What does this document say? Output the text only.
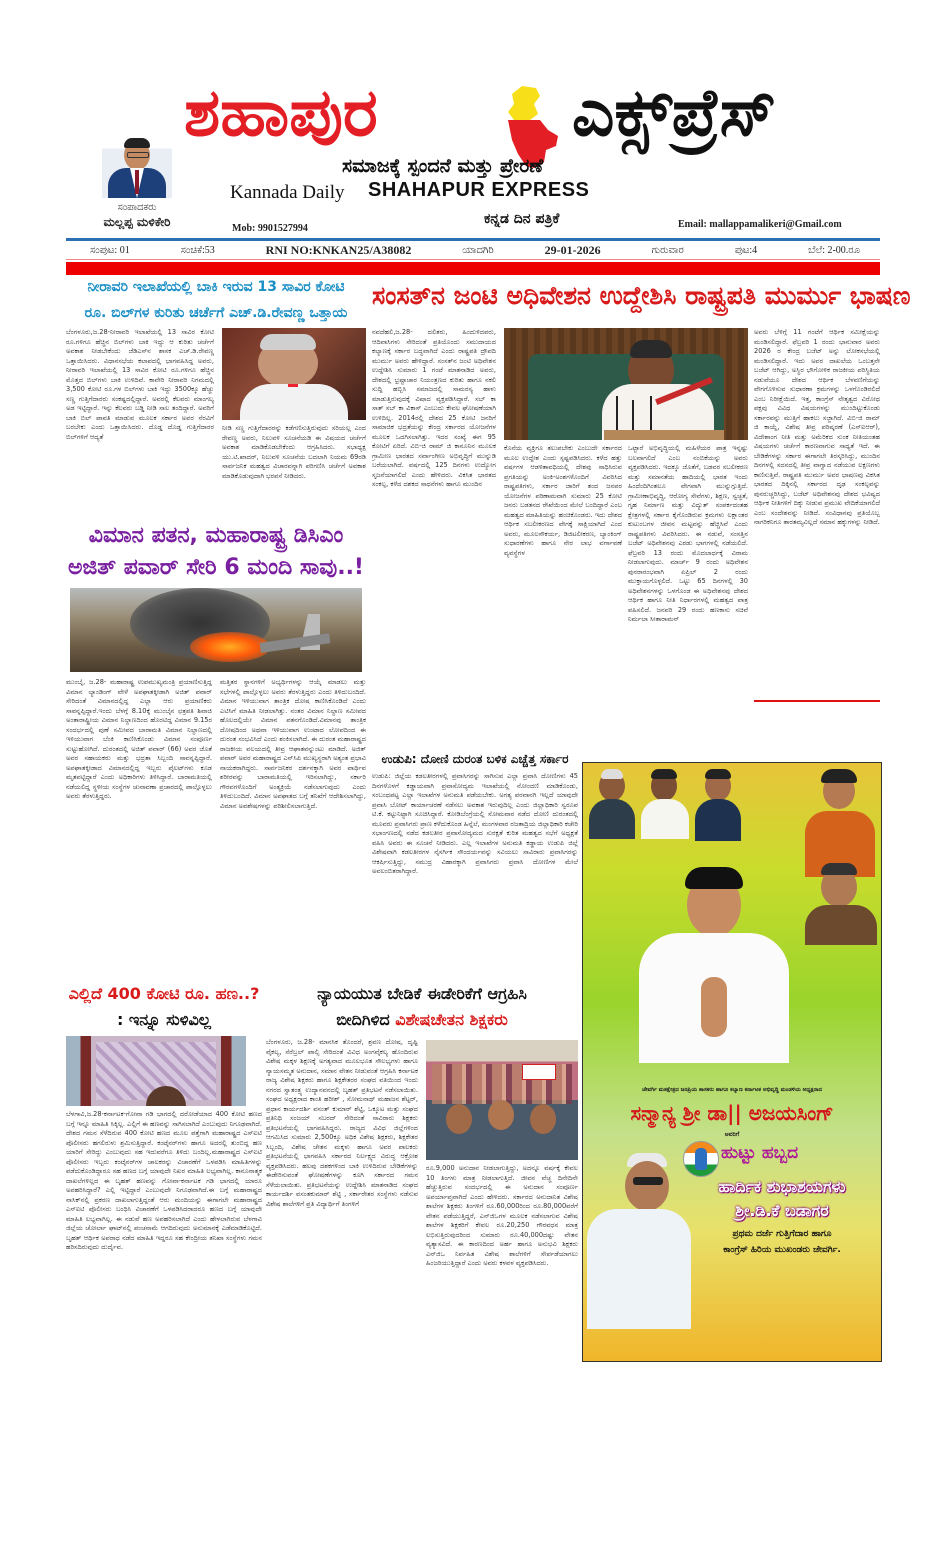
ಸಂಪಾದಕರು
ಮಲ್ಲಪ್ಪ ಮಳಿಕೇರಿ
ಶಹಾಪುರ	ಎಕ್ಸ್‌ಪ್ರೆಸ್
ಸಮಾಜಕ್ಕೆ ಸ್ಪಂದನೆ ಮತ್ತು ಪ್ರೇರಣೆ
Kannada Daily SHAHAPUR EXPRESS
ಕನ್ನಡ ದಿನ ಪತ್ರಿಕೆ
Mob: 9901527994	Email: mallappamalikeri@Gmail.com
ಸಂಪುಟ: 01	ಸಂಚಿಕೆ:53	RNI NO:KNKAN25/A38082	ಯಾದಗಿರಿ	29-01-2026	ಗುರುವಾರ	ಪುಟ:4	ಬೆಲೆ: 2-00.ರೂ
ನೀರಾವರಿ ಇಲಾಖೆಯಲ್ಲಿ ಬಾಕಿ ಇರುವ 13 ಸಾವಿರ ಕೋಟಿ
ರೂ. ಬಿಲ್‌ಗಳ ಕುರಿತು ಚರ್ಚೆಗೆ ಎಚ್.ಡಿ.ರೇವಣ್ಣ ಒತ್ತಾಯ
ಬೆಂಗಳೂರು,ಜ.28-ನೀರಾವರಿ ಇಲಾಖೆಯಲ್ಲಿ 13 ಸಾವಿರ ಕೋಟಿ ರೂ.ಗಳಿಗೂ ಹೆಚ್ಚಿನ ಬಿಲ್‌ಗಳು ಬಾಕಿ ಇದ್ದು ಆ ಕುರಿತು ಚರ್ಚೆಗೆ ಅವಕಾಶ ನೀಡಬೇಕೆಂದು ಜೆಡಿಎಸ್‌ನ ಶಾಸಕ ಎಚ್.ಡಿ.ರೇವಣ್ಣ ಒತ್ತಾಯಿಸಿದರು. ವಿಧಾನಸಭೆಯ ಕಲಾಪದಲ್ಲಿ ಭಾಗವಹಿಸಿದ್ದ ಅವರು, ನೀರಾವರಿ ಇಲಾಖೆಯಲ್ಲಿ 13 ಸಾವಿರ ಕೋಟಿ ರೂ.ಗಳಿಗೂ ಹೆಚ್ಚಿನ ಮೊತ್ತದ ಬಿಲ್‌ಗಳು ಬಾಕಿ ಉಳಿದಿವೆ. ಕಾವೇರಿ ನೀರಾವರಿ ನಿಗಮದಲ್ಲಿ 3,500 ಕೋಟಿ ರೂ.ಗಳ ಬಿಲ್‌ಗಳು ಬಾಕಿ ಇದ್ದು 3500ಕ್ಕೂ ಹೆಚ್ಚು ಸಣ್ಣ ಗುತ್ತಿಗೆದಾರರು ಸಂಕಷ್ಟದಲ್ಲಿದ್ದಾರೆ. ಅವರಲ್ಲಿ ಕೆಲವರು ಮಾಂಗಲ್ಯ ಅಡ ಇಟ್ಟಿದ್ದಾರೆ. ಇನ್ನು ಕೆಲವರು ಬಡ್ಡಿ ನೀಡಿ ಸಾಲ ತಂದಿದ್ದಾರೆ. ಅವರಿಗೆ ಬಾಕಿ ಬಿಲ್ ಪಾವತಿ ಮಾಡುವ ಮೂಲಕ ಸರ್ಕಾರ ಅವರ ನೆರವಿಗೆ ಬರಬೇಕು ಎಂದು ಒತ್ತಾಯಿಸಿದರು. ದೊಡ್ಡ ದೊಡ್ಡ ಗುತ್ತಿಗೆದಾರರ ಬಿಲ್‌ಗಳಿಗೆ ಆದ್ಯತೆ
ನೀಡಿ ಸಣ್ಣ ಗುತ್ತಿಗೆದಾರರನ್ನು ಕಡೆಗಣಿಸುತ್ತಿರುವುದು ಸರಿಯಲ್ಲ ಎಂದ ರೇವಣ್ಣ ಅವರು, ನಿಲುವಳಿ ಸೂಚನೆಯಡಿ ಈ ವಿಷಯದ ಚರ್ಚೆಗೆ ಅವಕಾಶ ಮಾಡಿಕೊಡಬೇಕೆಂದು ಆಗ್ರಹಿಸಿದರು. ಸಭಾಧ್ಯಕ್ಷ ಯು.ಟಿ.ಖಾದರ್, ನಿಲುವಳಿ ಸೂಚನೆಯ ಬದಲಾಗಿ ನಿಯಮ 69ರಡಿ ಸಾರ್ವಜನಿಕ ಮಹತ್ವದ ವಿಚಾರವನ್ನಾಗಿ ಪರಿಗಣಿಸಿ ಚರ್ಚೆಗೆ ಅವಕಾಶ ಮಾಡಿಕೊಡುವುದಾಗಿ ಭರವಸೆ ನೀಡಿದರು.
ಸಂಸತ್‌ನ ಜಂಟಿ ಅಧಿವೇಶನ ಉದ್ದೇಶಿಸಿ ರಾಷ್ಟ್ರಪತಿ ಮುರ್ಮು ಭಾಷಣ
ನವದೆಹಲಿ,ಜ.28- ದಲಿತರು, ಹಿಂದುಳಿದವರು, ಆದಿವಾಸಿಗಳು ಸೇರಿದಂತೆ ಪ್ರತಿಯೊಂದು ಸಮುದಾಯದ ಕಲ್ಯಾಣಕ್ಕೆ ಸರ್ಕಾರ ಬದ್ಧವಾಗಿದೆ ಎಂದು ರಾಷ್ಟ್ರಪತಿ ದ್ರೌಪದಿ ಮುರ್ಮು ಅವರು ಹೇಳಿದ್ದಾರೆ. ಸಂಸತ್‌ನ ಜಂಟಿ ಅಧಿವೇಶನ ಉದ್ದೇಶಿಸಿ ಸುಮಾರು 1 ಗಂಟೆ ಮಾತನಾಡಿದ ಅವರು, ದೇಶದಲ್ಲಿ ಭ್ರಷ್ಟಾಚಾರ ನಿಯಂತ್ರಣದ ಕುರಿತು ಹಾಗೂ ನಕಲಿ ಸುದ್ದಿ ಹಬ್ಬಿಸಿ ಸಮಾಜದಲ್ಲಿ ಸಾಮರಸ್ಯ ಹಾಳು ಮಾಡುತ್ತಿರುವುದಕ್ಕೆ ವಿಷಾದ ವ್ಯಕ್ತಪಡಿಸಿದ್ದಾರೆ. ಸಬ್ ಕಾ ಸಾತ್ ಸಬ್ ಕಾ ವಿಕಾಸ್ ಎಂಬುದು ಕೇವಲ ಘೋಷಣೆಯಾಗಿ ಉಳಿದಿಲ್ಲ. 2014ರಲ್ಲಿ ದೇಶದ 25 ಕೋಟಿ ಜನರಿಗೆ ಸಾಮಾಜಿಕ ಭದ್ರತೆಯನ್ನು ಕೇಂದ್ರ ಸರ್ಕಾರದ ಯೋಜನೆಗಳ ಮೂಲಕ ಒದಗಿಸಲಾಗಿತ್ತು. ಇದರ ಸಂಖ್ಯೆ ಈಗ 95 ಕೋಟಿಗೆ ಏರಿದೆ. ವಿಬಿ-ಜಿ ರಾಮ್ ಜಿ ಕಾನೂನಿನ ಮೂಲಕ ಗ್ರಾಮೀಣ ಭಾರತದ ಸರ್ವಾಂಗೀಣ ಅಭಿವೃದ್ಧಿಗೆ ಮುನ್ನುಡಿ ಬರೆಯಲಾಗಿದೆ. ವರ್ಷದಲ್ಲಿ 125 ದಿನಗಳು ಉದ್ಯೋಗ ಸೃಜನೆಯಾಗಲಿದೆ ಎಂದು ಹೇಳಿದರು. ವಿಕಸಿತ ಭಾರತದ ಸಂಕಲ್ಪ, ಕಳೆದ ದಶಕದ ಸಾಧನೆಗಳು ಹಾಗೂ ಮುಂದಿನ
ಕೊನೆಯ ವ್ಯಕ್ತಿಗೂ ತಲುಪಬೇಕು ಎಂಬುದೇ ಸರ್ಕಾರದ ಮೂಲ ಉದ್ದೇಶ ಎಂದು ಸ್ಪಷ್ಟಪಡಿಸಿದರು. ಕಳೆದ ಹತ್ತು ವರ್ಷಗಳ ಆಡಳಿತಾವಧಿಯಲ್ಲಿ ದೇಶವು ಸಾಧಿಸಿರುವ ಪ್ರಗತಿಯನ್ನು ಅಂಕಿ-ಅಂಶಗಳೊಂದಿಗೆ ವಿವರಿಸಿದ ರಾಷ್ಟ್ರಪತಿಗಳು, ಸರ್ಕಾರ ಜಾರಿಗೆ ತಂದ ಜನಪರ ಯೋಜನೆಗಳ ಪರಿಣಾಮವಾಗಿ ಸುಮಾರು 25 ಕೋಟಿ ಜನರು ಬಡತನದ ರೇಖೆಯಿಂದ ಮೇಲೆ ಬಂದಿದ್ದಾರೆ ಎಂಬ ಮಹತ್ವದ ಮಾಹಿತಿಯನ್ನು ಹಂಚಿಕೊಂಡರು. ಇದು ದೇಶದ ಆರ್ಥಿಕ ಸಬಲೀಕರಣದ ವೇಗಕ್ಕೆ ಸಾಕ್ಷಿಯಾಗಿದೆ ಎಂದ ಅವರು, ಮೂಲಸೌಕರ್ಯ, ಡಿಜಿಟಲೀಕರಣ, ಬ್ಯಾಂಕಿಂಗ್ ಸುಧಾರಣೆಗಳು ಹಾಗೂ ನೇರ ಲಾಭ ವರ್ಗಾವಣೆ ವ್ಯವಸ್ಥೆಗಳ
ಒಟ್ಟಾರೆ ಅಭಿವೃದ್ಧಿಯಲ್ಲಿ ಮಹಿಳೆಯರ ಪಾತ್ರ ಇನ್ನಷ್ಟು ಬಲವಾಗಲಿದೆ ಎಂಬ ನಂಬಿಕೆಯನ್ನು ಅವರು ವ್ಯಕ್ತಪಡಿಸಿದರು. ಇದಕ್ಕೂ ಜೊತೆಗೆ, ಬಡವರ ಸಬಲೀಕರಣ ಮತ್ತು ಸಮಾನತೆಯ ಹಾದಿಯಲ್ಲಿ ಭಾರತ ಇಂದು ಹಿಂದೆಂದಿಗಿಂತಲೂ ವೇಗವಾಗಿ ಮುನ್ನುಗ್ಗುತ್ತಿದೆ. ಗ್ರಾಮೀಣಾಭಿವೃದ್ಧಿ, ಆರೋಗ್ಯ ಸೇವೆಗಳು, ಶಿಕ್ಷಣ, ಸ್ವಚ್ಛತೆ, ಗೃಹ ನಿರ್ಮಾಣ ಮತ್ತು ವಿದ್ಯುತ್ ಸಂಪರ್ಕದಂತಹ ಕ್ಷೇತ್ರಗಳಲ್ಲಿ ಸರ್ಕಾರ ಕೈಗೊಂಡಿರುವ ಕ್ರಮಗಳು ಲಕ್ಷಾಂತರ ಕುಟುಂಬಗಳ ಜೀವನ ಮಟ್ಟವನ್ನು ಹೆಚ್ಚಿಸಿವೆ ಎಂದು ರಾಷ್ಟ್ರಪತಿಗಳು ವಿವರಿಸಿದರು. ಈ ನಡುವೆ, ಸಂಸತ್ತಿನ ಬಜೆಟ್ ಅಧಿವೇಶನವು ಎರಡು ಭಾಗಗಳಲ್ಲಿ ನಡೆಯಲಿದೆ. ಫೆಬ್ರವರಿ 13 ರಂದು ಮೊದಲಾರ್ಧಕ್ಕೆ ವಿರಾಮ ನೀಡಲಾಗುವುದು. ಮಾರ್ಚ್ 9 ರಂದು ಅಧಿವೇಶನ ಪುನರಾರಂಭವಾಗಿ ಏಪ್ರಿಲ್ 2 ರಂದು ಮುಕ್ತಾಯಗೊಳ್ಳಲಿದೆ. ಒಟ್ಟು 65 ದಿನಗಳಲ್ಲಿ 30 ಅಧಿವೇಶನಗಳನ್ನು ಒಳಗೊಂಡ ಈ ಅಧಿವೇಶನವು ದೇಶದ ಆರ್ಥಿಕ ಹಾಗೂ ನೀತಿ ನಿರ್ಧಾರಗಳಲ್ಲಿ ಮಹತ್ವದ ಪಾತ್ರ ವಹಿಸಲಿದೆ. ಜನವರಿ 29 ರಂದು ಹಣಕಾಸು ಸಚಿವೆ ನಿರ್ಮಲಾ ಸೀತಾರಾಮನ್
ಅವರು ಬೆಳಿಗ್ಗೆ 11 ಗಂಟೆಗೆ ಆರ್ಥಿಕ ಸಮೀಕ್ಷೆಯನ್ನು ಮಂಡಿಸಲಿದ್ದಾರೆ. ಫೆಬ್ರವರಿ 1 ರಂದು ಭಾನುವಾರ ಅವರು 2026 ರ ಕೇಂದ್ರ ಬಜೆಟ್ ಅನ್ನು ಲೋಕಸಭೆಯಲ್ಲಿ ಮಂಡಿಸಲಿದ್ದಾರೆ. ಇದು ಅವರ ದಾಖಲೆಯ ಒಂಬತ್ತನೇ ಬಜೆಟ್ ಆಗಿದ್ದು, ಅಸ್ಥಿರ ಭೌಗೋಳಿಕ ರಾಜಕೀಯ ಪರಿಸ್ಥಿತಿಯ ನಡುವೆಯೂ ದೇಶದ ಆರ್ಥಿಕ ಬೆಳವಣಿಗೆಯನ್ನು ವೇಗಗೊಳಿಸುವ ಸುಧಾರಣಾ ಕ್ರಮಗಳನ್ನು ಒಳಗೊಂಡಿರಲಿದೆ ಎಂಬ ನಿರೀಕ್ಷೆಯಿದೆ. ಇತ್ತ, ಕಾಂಗ್ರೆಸ್ ನೇತೃತ್ವದ ವಿರೋಧ ಪಕ್ಷವು ವಿವಿಧ ವಿಷಯಗಳನ್ನು ಮುಂದಿಟ್ಟುಕೊಂಡು ಸರ್ಕಾರವನ್ನು ಮುತ್ತಿಗೆ ಹಾಕಲು ಸಜ್ಜಾಗಿದೆ. ವಿಬಿ-ಜಿ ರಾಮ್ ಜಿ ಕಾಯ್ದೆ, ವಿಶೇಷ ತೀವ್ರ ಪರಿಷ್ಕರಣೆ (ಎಸ್‌ಐಆರ್), ವಿದೇಶಾಂಗ ನೀತಿ ಮತ್ತು ಅಮೆರಿಕದ ಸುಂಕ ನೀತಿಯಂತಹ ವಿಷಯಗಳು ಚರ್ಚೆಗೆ ಕಾರಣವಾಗುವ ಸಾಧ್ಯತೆ ಇದೆ. ಈ ಬೇಡಿಕೆಗಳನ್ನು ಸರ್ಕಾರ ಈಗಾಗಲೇ ತಿರಸ್ಕರಿಸಿದ್ದು, ಮುಂದಿನ ದಿನಗಳಲ್ಲಿ ಸದನದಲ್ಲಿ ತೀವ್ರ ವಾಗ್ವಾದ ನಡೆಯುವ ಲಕ್ಷಣಗಳು ಕಾಣಿಸುತ್ತಿವೆ. ರಾಷ್ಟ್ರಪತಿ ಮುರ್ಮು ಅವರ ಭಾಷಣವು ವಿಕಸಿತ ಭಾರತದ ದಿಕ್ಕಿನಲ್ಲಿ ಸರ್ಕಾರದ ದೃಢ ಸಂಕಲ್ಪವನ್ನು ಪುನರುಚ್ಚರಿಸಿದ್ದು, ಬಜೆಟ್ ಅಧಿವೇಶನವು ದೇಶದ ಭವಿಷ್ಯದ ಆರ್ಥಿಕ ನೀತಿಗಳಿಗೆ ದಿಕ್ಕು ನೀಡುವ ಪ್ರಮುಖ ವೇದಿಕೆಯಾಗಲಿದೆ ಎಂಬ ಸಂದೇಶವನ್ನು ನೀಡಿದೆ. ಸಂವಿಧಾನವು ಪ್ರತಿಯೊಬ್ಬ ನಾಗರಿಕನಿಗೂ ತಾರತಮ್ಯವಿಲ್ಲದೆ ಸಮಾನ ಹಕ್ಕುಗಳನ್ನು ನೀಡಿದೆ.
ವಿಮಾನ ಪತನ, ಮಹಾರಾಷ್ಟ್ರ ಡಿಸಿಎಂ
ಅಜಿತ್ ಪವಾರ್ ಸೇರಿ 6 ಮಂದಿ ಸಾವು..!
ಮುಂಬೈ, ಜ.28- ಮಹಾರಾಷ್ಟ್ರ ಉಪಮುಖ್ಯಮಂತ್ರಿ ಪ್ರಯಾಣಿಸುತ್ತಿದ್ದ ವಿಮಾನ ಲ್ಯಾಂಡಿಂಗ್ ವೇಳೆ ಅಪಘಾತಕ್ಕೀಡಾಗಿ ಅಜಿತ್ ಪವಾರ್ ಸೇರಿದಂತೆ ವಿಮಾನದಲ್ಲಿದ್ದ ಎಲ್ಲಾ ಆರು ಪ್ರಯಾಣಿಕರು ಸಾವನ್ನಪ್ಪಿದ್ದಾರೆ.ಇಂದು ಬೆಳಗ್ಗೆ 8.10ಕ್ಕೆ ಮುಂಬೈನ ಛತ್ರಪತಿ ಶಿವಾಜಿ ಅಂತಾರಾಷ್ಟ್ರೀಯ ವಿಮಾನ ನಿಲ್ದಾಣದಿಂದ ಹೊರಟಿದ್ದ ವಿಮಾನ 9.15ರ ಸಂದರ್ಭದಲ್ಲಿ ಪುಣೆ ಸಮೀಪದ ಬಾರಾಮತಿ ವಿಮಾನ ನಿಲ್ದಾಣದಲ್ಲಿ ಇಳಿಯುವಾಗ ಬೆಂಕಿ ಕಾಣಿಸಿಕೊಂಡು ವಿಮಾನ ಸಂಪೂರ್ಣ ಸುಟ್ಟುಹೋಗಿದೆ. ದುರಂತದಲ್ಲಿ ಅಜಿತ್ ಪವಾರ್ (66) ಅವರ ಜೊತೆ ಅವರ ಸಹಾಯಕರು ಮತ್ತು ಭದ್ರತಾ ಸಿಬ್ಬಂದಿ ಸಾವನ್ನಪ್ಪಿದ್ದಾರೆ. ಅಪಘಾತಕ್ಕೀಡಾದ ವಿಮಾನದಲ್ಲಿದ್ದ ಇಬ್ಬರು ಪೈಲಟ್‌ಗಳು ಕೂಡ ಮೃತಪಟ್ಟಿದ್ದಾರೆ ಎಂದು ಅಧಿಕಾರಿಗಳು ತಿಳಿಸಿದ್ದಾರೆ. ಬಾರಾಮತಿಯಲ್ಲಿ ನಡೆಯಲಿದ್ದ ಸ್ಥಳೀಯ ಸಂಸ್ಥೆಗಳ ಚುನಾವಣಾ ಪ್ರಚಾರದಲ್ಲಿ ಪಾಲ್ಗೊಳ್ಳಲು ಅವರು ತೆರಳುತ್ತಿದ್ದರು.
ಮತ್ತಿತರ ಸ್ಥಾನಗಳಿಗೆ ಅಭ್ಯರ್ಥಿಗಳನ್ನು ಆಯ್ಕೆ ಮಾಡಲು ಮತ್ತು ಸಭೆಗಳಲ್ಲಿ ಪಾಲ್ಗೊಳ್ಳಲು ಅವರು ತೆರಳುತ್ತಿದ್ದರು ಎಂದು ತಿಳಿದುಬಂದಿದೆ. ವಿಮಾನ ಇಳಿಯುವಾಗ ತಾಂತ್ರಿಕ ದೋಷ ಕಾಣಿಸಿಕೊಂಡಿದೆ ಎಂದು ಎಟಿಸಿಗೆ ಮಾಹಿತಿ ನೀಡಲಾಗಿತ್ತು. ನಂತರ ವಿಮಾನ ನಿಲ್ದಾಣ ಸಮೀಪದ ಹೊಲದಲ್ಲಿಯೇ ವಿಮಾನ ಪತನಗೊಂಡಿದೆ.ವಿಮಾನವು ತಾಂತ್ರಿಕ ದೋಷದಿಂದ ಅಥವಾ ಇಳಿಯುವಾಗ ಉಂಟಾದ ಲೋಪದಿಂದ ಈ ದುರಂತ ಸಂಭವಿಸಿದೆ ಎಂದು ಶಂಕಿಸಲಾಗಿದೆ. ಈ ದುರಂತ ಮಹಾರಾಷ್ಟ್ರದ ರಾಜಕೀಯ ವಲಯದಲ್ಲಿ ತೀವ್ರ ಆಘಾತವನ್ನುಂಟು ಮಾಡಿದೆ. ಅಜಿತ್ ಪವಾರ್ ಅವರ ಮಹಾರಾಷ್ಟ್ರದ ಎನ್‌ಸಿಪಿ ಮುಖ್ಯಸ್ಥರಾಗಿ ಅತ್ಯಂತ ಪ್ರಭಾವಿ ನಾಯಕರಾಗಿದ್ದರು. ಸಾರ್ವಜನಿಕರ ದರ್ಶನಕ್ಕಾಗಿ ಅವರ ಪಾರ್ಥಿವ ಶರೀರವನ್ನು ಬಾರಾಮತಿಯಲ್ಲಿ ಇರಿಸಲಾಗಿದ್ದು, ಸರ್ಕಾರಿ ಗೌರವಗಳೊಂದಿಗೆ ಅಂತ್ಯಕ್ರಿಯೆ ನಡೆಸಲಾಗುವುದು ಎಂದು ತಿಳಿದುಬಂದಿದೆ. ವಿಮಾನ ಅಪಘಾತದ ಬಗ್ಗೆ ತನಿಖೆಗೆ ಆದೇಶಿಸಲಾಗಿದ್ದು, ವಿಮಾನ ಅವಶೇಷಗಳನ್ನು ಪರಿಶೀಲಿಸಲಾಗುತ್ತಿದೆ.
ಉಡುಪಿ: ದೋಣಿ ದುರಂತ ಬಳಿಕ ಎಚ್ಚೆತ್ತ ಸರ್ಕಾರ
ಉಡುಪಿ: ಜಿಲ್ಲೆಯ ಕಡಲತೀರಗಳಲ್ಲಿ ಪ್ರವಾಸಿಗರನ್ನು ಸಾಗಿಸುವ ಎಲ್ಲಾ ಪ್ರವಾಸಿ ದೋಣಿಗಳು 45 ದಿನಗಳೊಳಗೆ ಕಡ್ಡಾಯವಾಗಿ ಪ್ರವಾಸೋದ್ಯಮ ಇಲಾಖೆಯಲ್ಲಿ ನೋಂದಣಿ ಮಾಡಿಕೊಂಡು, ಸಂಬಂಧಪಟ್ಟ ಎಲ್ಲಾ ಇಲಾಖೆಗಳ ಅನುಮತಿ ಪಡೆಯಬೇಕು. ಅಗತ್ಯ ಪರವಾನಗಿ ಇಲ್ಲದೆ ಯಾವುದೇ ಪ್ರವಾಸಿ ಬೋಟ್ ಕಾರ್ಯಾಚರಣೆ ನಡೆಸಲು ಅವಕಾಶ ಇರುವುದಿಲ್ಲ ಎಂದು ಜಿಲ್ಲಾಧಿಕಾರಿ ಸ್ವರೂಪ ಟಿ.ಕೆ. ಕಟ್ಟುನಿಟ್ಟಾಗಿ ಸೂಚಿಸಿದ್ದಾರೆ. ಕೋಡಿಬೆಂಗ್ರೆಯಲ್ಲಿ ಸೋಮವಾರ ನಡೆದ ದೋಣಿ ದುರಂತದಲ್ಲಿ ಮೂವರು ಪ್ರವಾಸಿಗರು ಪ್ರಾಣ ಕಳೆದುಕೊಂಡ ಹಿನ್ನೆಲೆ, ಮಂಗಳವಾರ ರಜತಾದ್ರಿಯ ಜಿಲ್ಲಾಧಿಕಾರಿ ಕಚೇರಿ ಸಭಾಂಗಣದಲ್ಲಿ ನಡೆದ ಕಡಲತೀರ ಪ್ರವಾಸೋದ್ಯಮದ ಸುರಕ್ಷತೆ ಕುರಿತ ಮಹತ್ವದ ಸಭೆಗೆ ಅಧ್ಯಕ್ಷತೆ ವಹಿಸಿ ಅವರು ಈ ಸೂಚನೆ ನೀಡಿದರು. ಎಲ್ಲ ಇಲಾಖೆಗಳ ಅನುಮತಿ ಕಡ್ಡಾಯ ಉಡುಪಿ ಜಿಲ್ಲೆ ವಿಶೇಷವಾಗಿ ಕಡಲತೀರಗಳ ನೈಸರ್ಗಿಕ ಸೌಂದರ್ಯವನ್ನು ಸವಿಯಲು ಸಾವಿರಾರು ಪ್ರವಾಸಿಗರನ್ನು ಆಕರ್ಷಿಸುತ್ತಿದ್ದು, ಸಮುದ್ರ ವಿಹಾರಕ್ಕಾಗಿ ಪ್ರವಾಸಿಗರು ಪ್ರವಾಸಿ ದೋಣಿಗಳ ಮೇಲೆ ಅವಲಂಬಿತರಾಗಿದ್ದಾರೆ.
ಜೇವರ್ಗಿ ಮತಕ್ಷೇತ್ರದ ಜನಪ್ರಿಯ ಶಾಸಕರು ಹಾಗೂ ಕಲ್ಯಾಣ ಕರ್ನಾಟಕ ಅಭಿವೃದ್ಧಿ ಮಂಡಳಿಯ ಅಧ್ಯಕ್ಷರಾದ
ಸನ್ಮಾನ್ಯ ಶ್ರೀ ಡಾ|| ಅಜಯಸಿಂಗ್
ಅವರಿಗೆ
ಹುಟ್ಟು ಹಬ್ಬದ
ಹಾರ್ದಿಕ ಶುಭಾಶಯಗಳು
ಶ್ರೀ.ಡಿ.ಕೆ ಬಡಾಗರ
ಪ್ರಥಮ ದರ್ಜೆ ಗುತ್ತಿಗೆದಾರ ಹಾಗೂ
ಕಾಂಗ್ರೆಸ್ ಹಿರಿಯ ಮುಖಂಡರು ಜೇವರ್ಗಿ.
ಎಲ್ಲಿದೆ 400 ಕೋಟಿ ರೂ. ಹಣ..?
: ಇನ್ನೂ ಸುಳಿವಿಲ್ಲ
ಬೆಳಗಾವಿ,ಜ.28-ಕರ್ನಾಟಕ-ಗೋವಾ ಗಡಿ ಭಾಗದಲ್ಲಿ ದರೋಡೆಯಾದ 400 ಕೋಟಿ ಹಣದ ಬಗ್ಗೆ ಇನ್ನೂ ಮಾಹಿತಿ ಸಿಕ್ಕಿಲ್ಲ. ಎಲ್ಲಿಗೆ ಈ ಹಣವನ್ನು ಸಾಗಿಸಲಾಗಿದೆ ಎಂಬುವುದು ನಿಗೂಢವಾಗಿದೆ. ದೇಶದ ಗಮನ ಸೆಳೆದಿರುವ 400 ಕೋಟಿ ಹಣದ ಮೂಲ ಪತ್ತೆಗಾಗಿ ಮಹಾರಾಷ್ಟ್ರದ ಎಸ್‌ಐಟಿ ಪೊಲೀಸರು ಹಗಲಿರುಳು ಶ್ರಮಿಸುತ್ತಿದ್ದಾರೆ. ಕಂಟೈನರ್‌ಗಳು ಹಾಗೂ ಅದರಲ್ಲಿ ತುಂಬಿದ್ದ ಹಣ ಯಾರಿಗೆ ಸೇರಿದ್ದು ಎಂಬುವುದು ಸಹ ಇದುವರೆಗೂ ತಿಳಿದು ಬಂದಿಲ್ಲ.ಮಹಾರಾಷ್ಟ್ರದ ಎಸ್‌ಐಟಿ ಪೊಲೀಸರು ಇಬ್ಬರು ಕಂಟೈನರ್‌ಗಳ ಚಾಲಕರನ್ನು ವಿಚಾರಣೆಗೆ ಒಳಪಡಿಸಿ ಮಾಹಿತಿಗಳನ್ನು ಪಡೆದುಕೊಂಡಿದ್ದಾರೂ ಸಹ ಹಣದ ಬಗ್ಗೆ ಯಾವುದೇ ನಿಖರ ಮಾಹಿತಿ ಲಭ್ಯವಾಗಿಲ್ಲ. ಕಾನೂನಾತ್ಮಕ ದಾಖಲೆಗಳಿಲ್ಲದ ಈ ಬೃಹತ್ ಹಣವನ್ನು ಗೋವಾ-ಕರ್ನಾಟಕ ಗಡಿ ಭಾಗದಲ್ಲಿ ಯಾರೂ ಅಪಹರಿಸಿದ್ದಾರೆ? ಎಲ್ಲಿ ಇಟ್ಟಿದ್ದಾರೆ ಎಂಬುವುದೇ ನಿಗೂಢವಾಗಿದೆ.ಈ ಬಗ್ಗೆ ಮಹಾರಾಷ್ಟ್ರದ ನಾಸಿಕ್‌ನಲ್ಲಿ ಪ್ರಕರಣ ದಾಖಲಾಗುತ್ತಿದ್ದಂತೆ ಆರು ಮಂದಿಯನ್ನು ಈಗಾಗಲೇ ಮಹಾರಾಷ್ಟ್ರದ ಎಸ್‌ಐಟಿ ಪೊಲೀಸರು ಬಂಧಿಸಿ ವಿಚಾರಣೆಗೆ ಒಳಪಡಿಸಿದರಾದರೂ ಹಣದ ಬಗ್ಗೆ ಯಾವುದೇ ಮಾಹಿತಿ ಲಭ್ಯವಾಗಿಲ್ಲ. ಈ ನಡುವೆ ಹಣ ಅಪಹರಿಸಲಾಗಿದೆ ಎಂದು ಹೇಳಲಾಗಿರುವ ಬೆಳಗಾವಿ ಜಿಲ್ಲೆಯ ಚೋರ್ಲಾ ಘಾಟ್‌ನಲ್ಲಿ ಪಂಚನಾಮೆ ಆಗದಿರುವುದು ಅನುಮಾನಕ್ಕೆ ಎಡೆಮಾಡಿಕೊಟ್ಟಿದೆ. ಬೃಹತ್ ಆರ್ಥಿಕ ಅಪರಾಧ ನಡೆದ ಮಾಹಿತಿ ಇದ್ದರೂ ಸಹ ಕೇಂದ್ರೀಯ ತನಿಖಾ ಸಂಸ್ಥೆಗಳು ಗಮನ ಹರಿಸದಿರುವುದು ದುರ್ದೈವ.
ನ್ಯಾಯಯುತ ಬೇಡಿಕೆ ಈಡೇರಿಕೆಗೆ ಆಗ್ರಹಿಸಿ
ಬೀದಿಗಿಳಿದ ವಿಶೇಷಚೇತನ ಶಿಕ್ಷಕರು
ಬೆಂಗಳೂರು, ಜ.28- ಮಾನಸಿಕ ತೊಂದರೆ, ಶ್ರವಣ ದೋಷ, ದೃಷ್ಟಿ ವೈಕಲ್ಯ, ಸೆರೆಬ್ರಲ್ ಪಾಲ್ಸಿ ಸೇರಿದಂತೆ ವಿವಿಧ ಅಂಗವೈಕಲ್ಯ ಹೊಂದಿರುವ ವಿಶೇಷ ಮಕ್ಕಳ ಶಿಕ್ಷಣಕ್ಕೆ ಅಗತ್ಯವಾದ ಮೂಲಭೂತ ಸೌಲಭ್ಯಗಳು ಹಾಗೂ ನ್ಯಾಯಸಮ್ಮತ ಅನುದಾನ, ಸಮಾನ ವೇತನ ನೀಡುವಂತೆ ಆಗ್ರಹಿಸಿ ಕರ್ನಾಟಕ ರಾಜ್ಯ ವಿಶೇಷ ಶಿಕ್ಷಕರು ಹಾಗೂ ಶಿಕ್ಷಕೇತರರ ಸಂಘದ ವತಿಯಿಂದ ಇಂದು ನಗರದ ಸ್ವಾತಂತ್ರ್ಯ ಉದ್ಯಾನವನದಲ್ಲಿ ಬೃಹತ್ ಪ್ರತಿಭಟನೆ ನಡೆಸಲಾಯಿತು. ಸಂಘದ ಅಧ್ಯಕ್ಷರಾದ ಕಾಂತಿ ಹರೀಶ್ , ಸೋಮನಾಥ್ ಮಹಾಜನ ಶೆಟ್ಟರ್, ಪ್ರಧಾನ ಕಾರ್ಯದರ್ಶಿ ವಸಂತ್ ಕುಮಾರ್ ಶೆಟ್ಟಿ, ಒಕ್ಕೂಟ ಮತ್ತು ಸಂಘದ ಪ್ರತಿನಿಧಿ ಸಂಜಯ್ ಸಬರದ್ ಸೇರಿದಂತೆ ಸಾವಿರಾರು ಶಿಕ್ಷಕರು ಪ್ರತಿಭಟನೆಯಲ್ಲಿ ಭಾಗವಹಿಸಿದ್ದರು. ರಾಜ್ಯದ ವಿವಿಧ ಜಿಲ್ಲೆಗಳಿಂದ ಆಗಮಿಸಿದ ಸುಮಾರು 2,500ಕ್ಕೂ ಅಧಿಕ ವಿಶೇಷ ಶಿಕ್ಷಕರು, ಶಿಕ್ಷಕೇತರ ಸಿಬ್ಬಂದಿ, ವಿಶೇಷ ಚೇತನ ಮಕ್ಕಳು ಹಾಗೂ ಅವರ ಪಾಲಕರು ಪ್ರತಿಭಟನೆಯಲ್ಲಿ ಭಾಗವಹಿಸಿ ಸರ್ಕಾರದ ನಿರ್ಲಕ್ಷ್ಯದ ವಿರುದ್ಧ ಆಕ್ರೋಶ ವ್ಯಕ್ತಪಡಿಸಿದರು. ಹಲವು ದಶಕಗಳಿಂದ ಬಾಕಿ ಉಳಿದಿರುವ ಬೇಡಿಕೆಗಳನ್ನು ಈಡೇರಿಸುವಂತೆ ಘೋಷಣೆಗಳನ್ನು ಕೂಗಿ ಸರ್ಕಾರದ ಗಮನ ಸೆಳೆಯಲಾಯಿತು. ಪ್ರತಿಭಟನೆಯನ್ನು ಉದ್ದೇಶಿಸಿ ಮಾತನಾಡಿದ ಸಂಘದ ಕಾರ್ಯದರ್ಶಿ ವಸಂತಕುಮಾರ್ ಶೆಟ್ಟಿ , ಸರ್ಕಾರೇತರ ಸಂಸ್ಥೆಗಳು ನಡೆಸುವ ವಿಶೇಷ ಶಾಲೆಗಳಿಗೆ ಪ್ರತಿ ವಿದ್ಯಾರ್ಥಿಗೆ ತಿಂಗಳಿಗೆ
ರೂ.9,000 ಅನುದಾನ ನೀಡಲಾಗುತ್ತಿದ್ದು, ಅದನ್ನೂ ವರ್ಷಕ್ಕೆ ಕೇವಲ 10 ತಿಂಗಳು ಮಾತ್ರ ನೀಡಲಾಗುತ್ತಿದೆ. ಜೀವನ ವೆಚ್ಚ ದಿನೇದಿನೇ ಹೆಚ್ಚುತ್ತಿರುವ ಸಂದರ್ಭದಲ್ಲಿ ಈ ಅನುದಾನ ಸಂಪೂರ್ಣ ಅಪರ್ಯಾಪ್ತವಾಗಿದೆ ಎಂದು ಹೇಳಿದರು. ಸರ್ಕಾರದ ಅನುದಾನಿತ ವಿಶೇಷ ಶಾಲೆಗಳ ಶಿಕ್ಷಕರು ತಿಂಗಳಿಗೆ ರೂ.60,000ರಿಂದ ರೂ.80,000ವರೆಗೆ ವೇತನ ಪಡೆಯುತ್ತಿದ್ದರೆ, ಎನ್‌ಜಿಒಗಳ ಮೂಲಕ ನಡೆಸಲಾಗುವ ವಿಶೇಷ ಶಾಲೆಗಳ ಶಿಕ್ಷಕರಿಗೆ ಕೇವಲ ರೂ.20,250 ಗೌರವಧನ ಮಾತ್ರ ಲಭಿಸುತ್ತಿರುವುದರಿಂದ ಸುಮಾರು ರೂ.40,000ದಷ್ಟು ವೇತನ ವ್ಯತ್ಯಾಸವಿದೆ. ಈ ಕಾರಣದಿಂದ ಅರ್ಹ ಹಾಗೂ ಅನುಭವಿ ಶಿಕ್ಷಕರು ಎನ್‌ಜಿಒ ನಿರ್ವಹಿತ ವಿಶೇಷ ಶಾಲೆಗಳಿಗೆ ಸೇರ್ಪಡೆಯಾಗಲು ಹಿಂಜರಿಯುತ್ತಿದ್ದಾರೆ ಎಂದು ಅವರು ಕಳವಳ ವ್ಯಕ್ತಪಡಿಸಿದರು.
